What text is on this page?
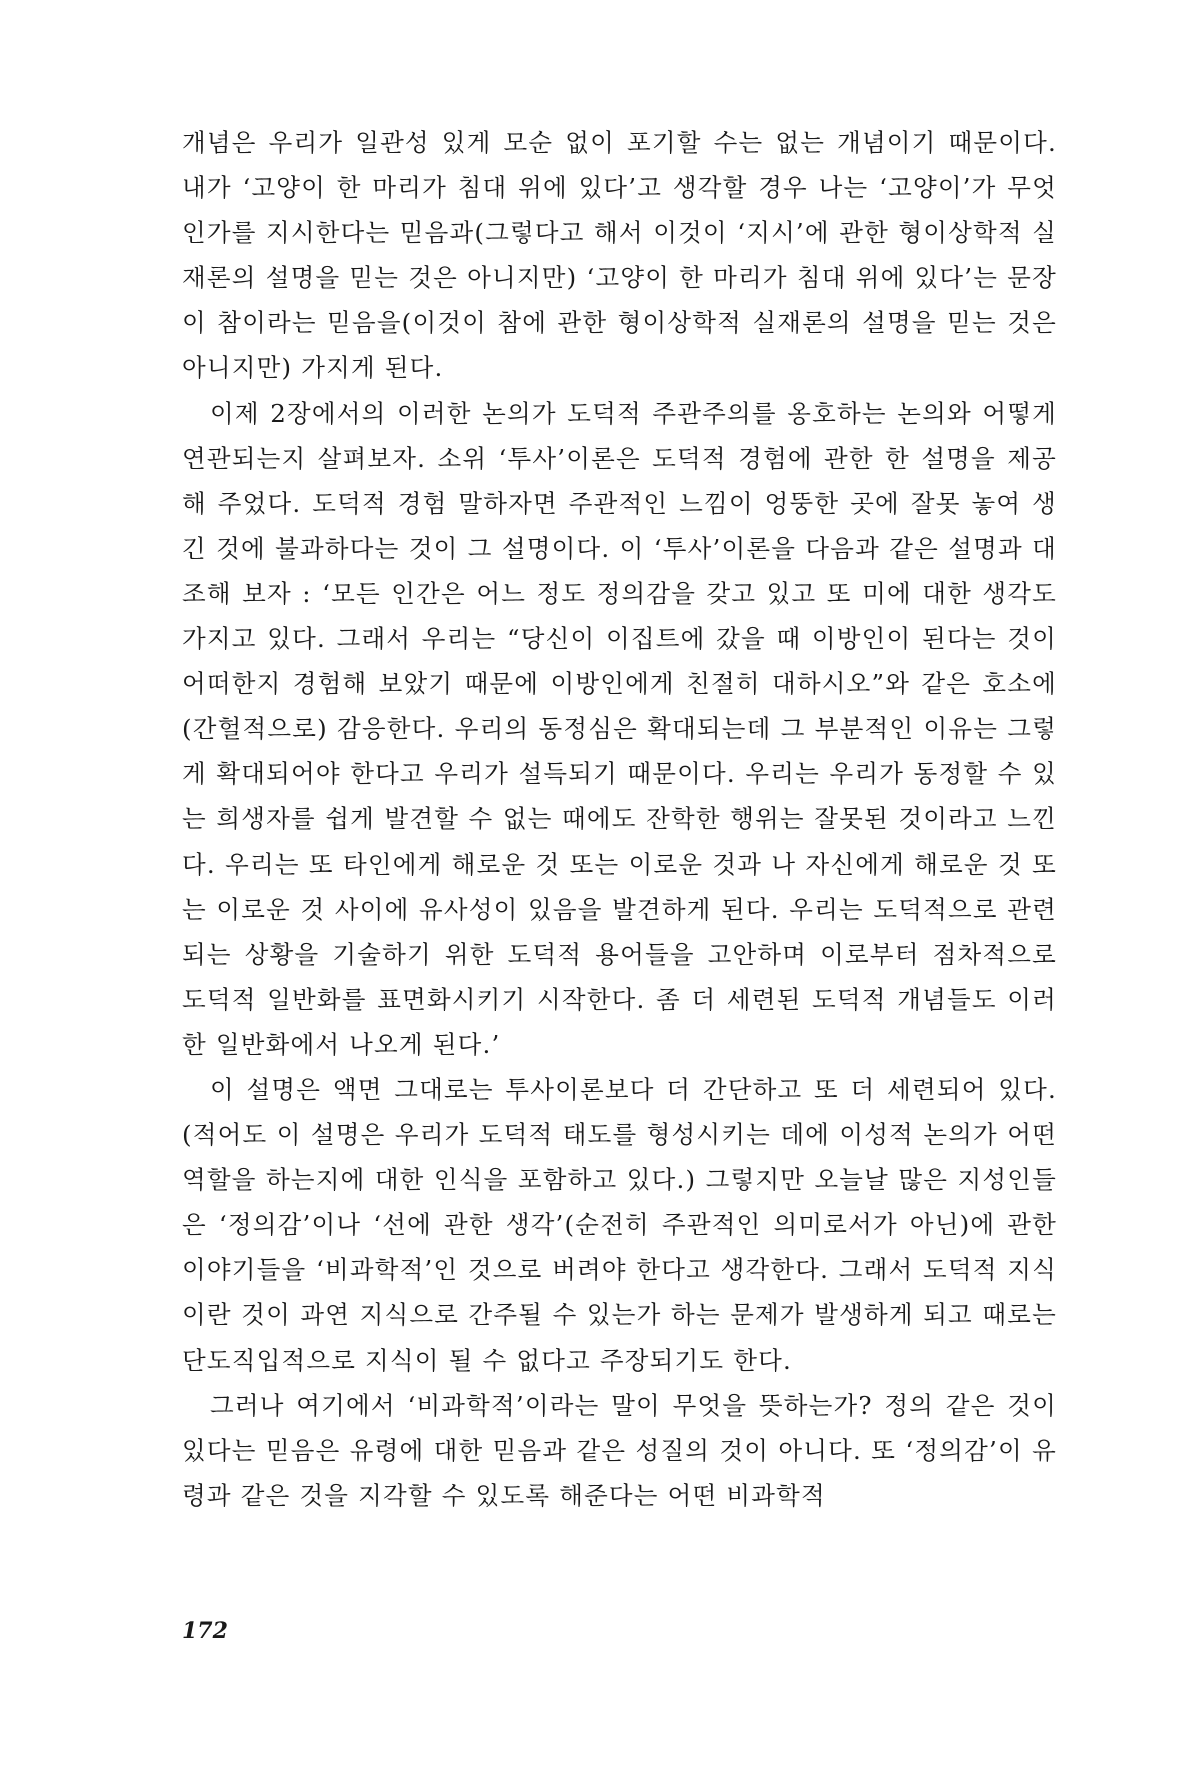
개념은 우리가 일관성 있게 모순 없이 포기할 수는 없는 개념이기 때문이다. 내가 ‘고양이 한 마리가 침대 위에 있다’고 생각할 경우 나는 ‘고양이’가 무엇인가를 지시한다는 믿음과(그렇다고 해서 이것이 ‘지시’에 관한 형이상학적 실재론의 설명을 믿는 것은 아니지만) ‘고양이 한 마리가 침대 위에 있다’는 문장이 참이라는 믿음을(이것이 참에 관한 형이상학적 실재론의 설명을 믿는 것은 아니지만) 가지게 된다.

이제 2장에서의 이러한 논의가 도덕적 주관주의를 옹호하는 논의와 어떻게 연관되는지 살펴보자. 소위 ‘투사’이론은 도덕적 경험에 관한 한 설명을 제공해 주었다. 도덕적 경험 말하자면 주관적인 느낌이 엉뚱한 곳에 잘못 놓여 생긴 것에 불과하다는 것이 그 설명이다. 이 ‘투사’이론을 다음과 같은 설명과 대조해 보자 : ‘모든 인간은 어느 정도 정의감을 갖고 있고 또 미에 대한 생각도 가지고 있다. 그래서 우리는 “당신이 이집트에 갔을 때 이방인이 된다는 것이 어떠한지 경험해 보았기 때문에 이방인에게 친절히 대하시오”와 같은 호소에 (간헐적으로) 감응한다. 우리의 동정심은 확대되는데 그 부분적인 이유는 그렇게 확대되어야 한다고 우리가 설득되기 때문이다. 우리는 우리가 동정할 수 있는 희생자를 쉽게 발견할 수 없는 때에도 잔학한 행위는 잘못된 것이라고 느낀다. 우리는 또 타인에게 해로운 것 또는 이로운 것과 나 자신에게 해로운 것 또는 이로운 것 사이에 유사성이 있음을 발견하게 된다. 우리는 도덕적으로 관련되는 상황을 기술하기 위한 도덕적 용어들을 고안하며 이로부터 점차적으로 도덕적 일반화를 표면화시키기 시작한다. 좀 더 세련된 도덕적 개념들도 이러한 일반화에서 나오게 된다.’

이 설명은 액면 그대로는 투사이론보다 더 간단하고 또 더 세련되어 있다.(적어도 이 설명은 우리가 도덕적 태도를 형성시키는 데에 이성적 논의가 어떤 역할을 하는지에 대한 인식을 포함하고 있다.) 그렇지만 오늘날 많은 지성인들은 ‘정의감’이나 ‘선에 관한 생각’(순전히 주관적인 의미로서가 아닌)에 관한 이야기들을 ‘비과학적’인 것으로 버려야 한다고 생각한다. 그래서 도덕적 지식이란 것이 과연 지식으로 간주될 수 있는가 하는 문제가 발생하게 되고 때로는 단도직입적으로 지식이 될 수 없다고 주장되기도 한다.

그러나 여기에서 ‘비과학적’이라는 말이 무엇을 뜻하는가? 정의 같은 것이 있다는 믿음은 유령에 대한 믿음과 같은 성질의 것이 아니다. 또 ‘정의감’이 유령과 같은 것을 지각할 수 있도록 해준다는 어떤 비과학적

172
